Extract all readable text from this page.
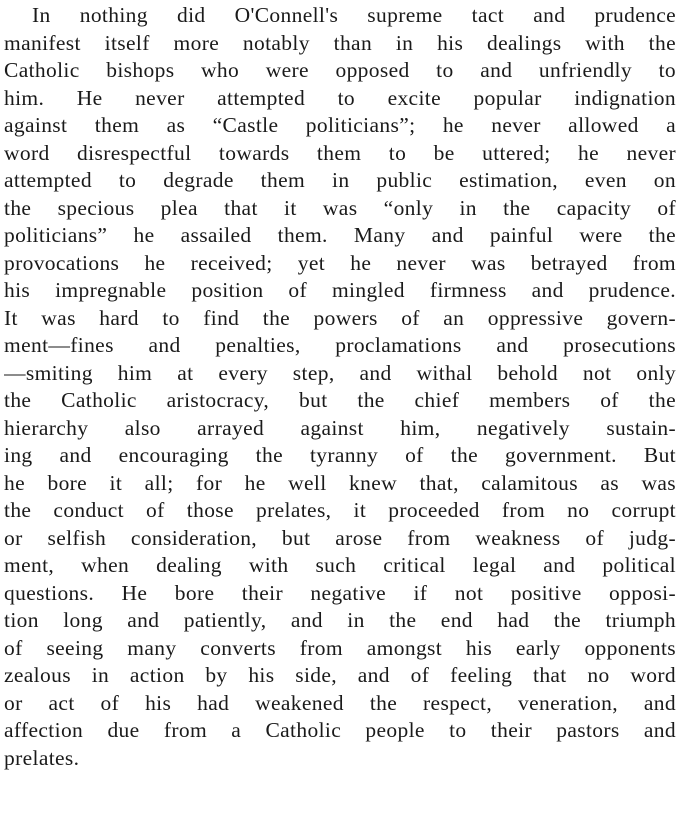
In nothing did O'Connell's supreme tact and prudence
manifest itself more notably than in his dealings with the
Catholic bishops who were opposed to and unfriendly to
him. He never attempted to excite popular indignation
against them as “Castle politicians”; he never allowed a
word disrespectful towards them to be uttered; he never
attempted to degrade them in public estimation, even on
the specious plea that it was “only in the capacity of
politicians” he assailed them. Many and painful were the
provocations he received; yet he never was betrayed from
his impregnable position of mingled firmness and prudence.
It was hard to find the powers of an oppressive govern-
ment—fines and penalties, proclamations and prosecutions
—smiting him at every step, and withal behold not only
the Catholic aristocracy, but the chief members of the
hierarchy also arrayed against him, negatively sustain-
ing and encouraging the tyranny of the government. But
he bore it all; for he well knew that, calamitous as was
the conduct of those prelates, it proceeded from no corrupt
or selfish consideration, but arose from weakness of judg-
ment, when dealing with such critical legal and political
questions. He bore their negative if not positive opposi-
tion long and patiently, and in the end had the triumph
of seeing many converts from amongst his early opponents
zealous in action by his side, and of feeling that no word
or act of his had weakened the respect, veneration, and
affection due from a Catholic people to their pastors and
prelates.
